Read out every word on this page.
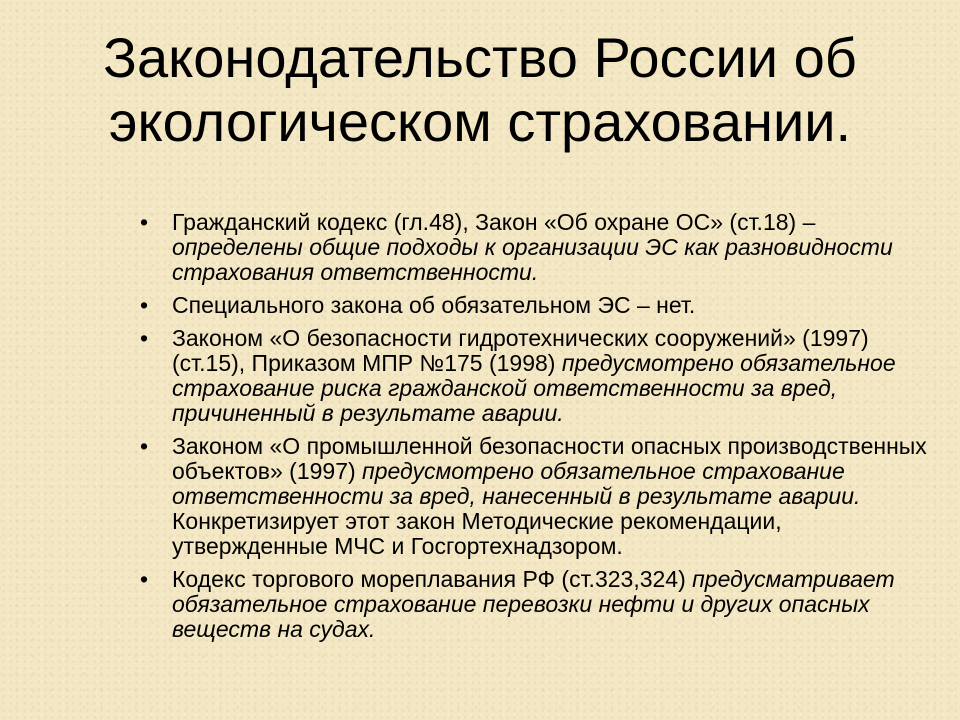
Законодательство России об экологическом страховании.
• Гражданский кодекс (гл.48), Закон «Об охране ОС» (ст.18) – определены общие подходы к организации ЭС как разновидности страхования ответственности.
• Специального закона об обязательном ЭС – нет.
• Законом «О безопасности гидротехнических сооружений» (1997) (ст.15), Приказом МПР №175 (1998) предусмотрено обязательное страхование риска гражданской ответственности за вред, причиненный в результате аварии.
• Законом «О промышленной безопасности опасных производственных объектов» (1997) предусмотрено обязательное страхование ответственности за вред, нанесенный в результате аварии. Конкретизирует этот закон Методические рекомендации, утвержденные МЧС и Госгортехнадзором.
• Кодекс торгового мореплавания РФ (ст.323,324) предусматривает обязательное страхование перевозки нефти и других опасных веществ на судах.
